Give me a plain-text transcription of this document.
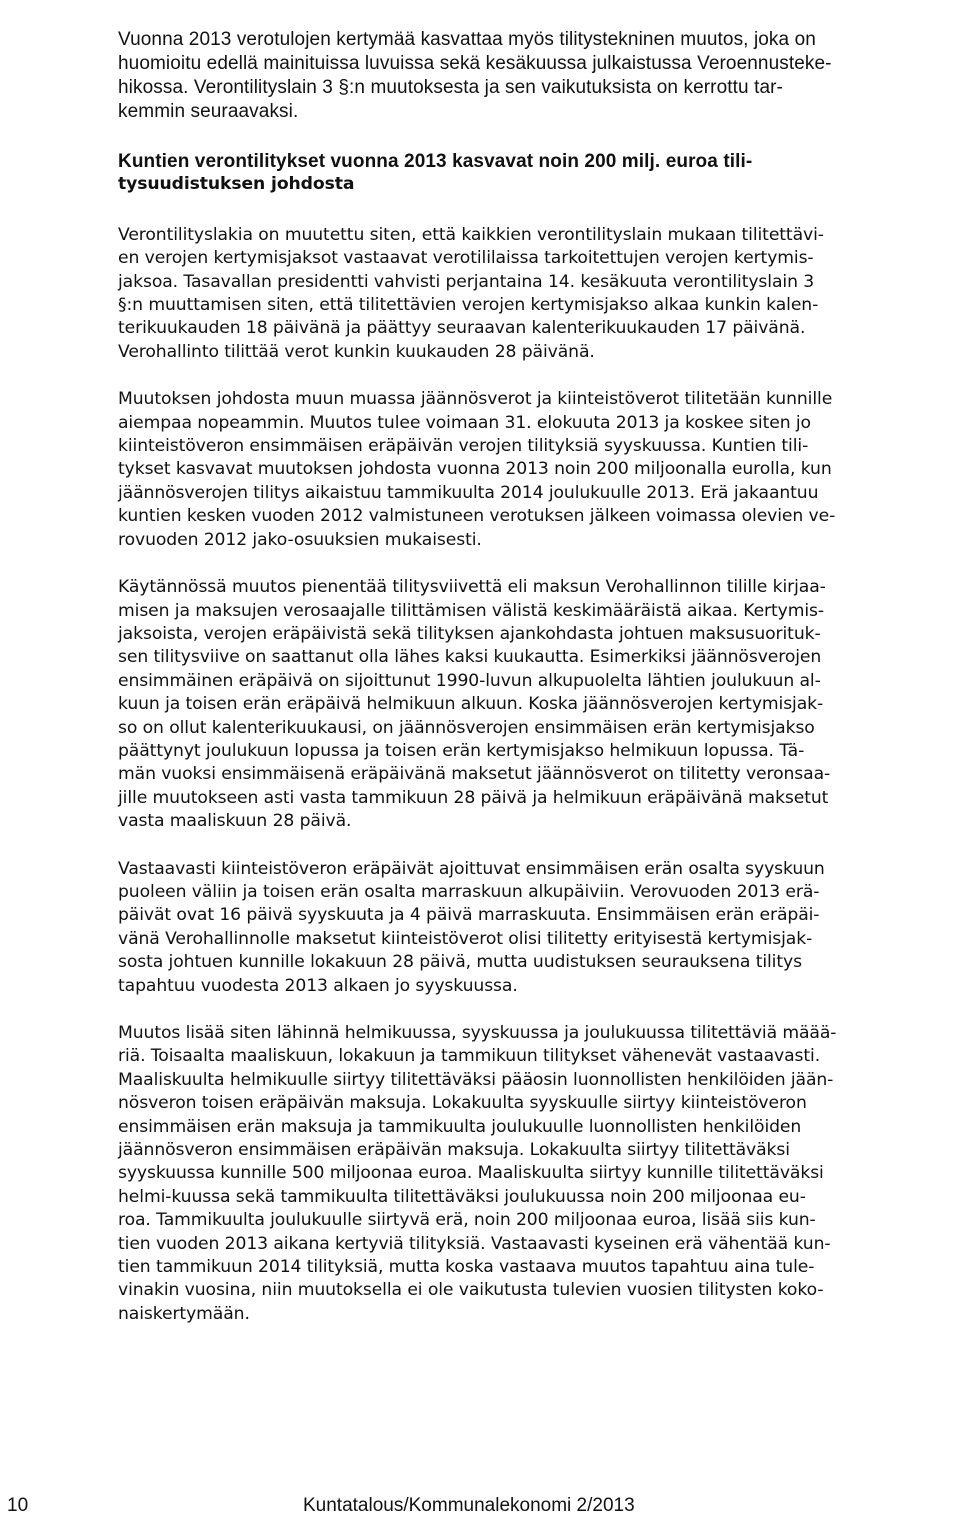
Vuonna 2013 verotulojen kertymää kasvattaa myös tilitystekninen muutos, joka on
huomioitu edellä mainituissa luvuissa sekä kesäkuussa julkaistussa Veroennusteke-
hikossa. Verontilityslain 3 §:n muutoksesta ja sen vaikutuksista on kerrottu tar-
kemmin seuraavaksi.

Kuntien verontilitykset vuonna 2013 kasvavat noin 200 milj. euroa tili-
tysuudistuksen johdosta

Verontilityslakia on muutettu siten, että kaikkien verontilityslain mukaan tilitettävi-
en verojen kertymisjaksot vastaavat verotililaissa tarkoitettujen verojen kertymis-
jaksoa. Tasavallan presidentti vahvisti perjantaina 14. kesäkuuta verontilityslain 3
§:n muuttamisen siten, että tilitettävien verojen kertymisjakso alkaa kunkin kalen-
terikuukauden 18 päivänä ja päättyy seuraavan kalenterikuukauden 17 päivänä.
Verohallinto tilittää verot kunkin kuukauden 28 päivänä.

Muutoksen johdosta muun muassa jäännösverot ja kiinteistöverot tilitetään kunnille
aiempaa nopeammin. Muutos tulee voimaan 31. elokuuta 2013 ja koskee siten jo
kiinteistöveron ensimmäisen eräpäivän verojen tilityksiä syyskuussa. Kuntien tili-
tykset kasvavat muutoksen johdosta vuonna 2013 noin 200 miljoonalla eurolla, kun
jäännösverojen tilitys aikaistuu tammikuulta 2014 joulukuulle 2013. Erä jakaantuu
kuntien kesken vuoden 2012 valmistuneen verotuksen jälkeen voimassa olevien ve-
rovuoden 2012 jako-osuuksien mukaisesti.

Käytännössä muutos pienentää tilitysviivettä eli maksun Verohallinnon tilille kirjaa-
misen ja maksujen verosaajalle tilittämisen välistä keskimääräistä aikaa. Kertymis-
jaksoista, verojen eräpäivistä sekä tilityksen ajankohdasta johtuen maksusuorituk-
sen tilitysviive on saattanut olla lähes kaksi kuukautta. Esimerkiksi jäännösverojen
ensimmäinen eräpäivä on sijoittunut 1990-luvun alkupuolelta lähtien joulukuun al-
kuun ja toisen erän eräpäivä helmikuun alkuun. Koska jäännösverojen kertymisjak-
so on ollut kalenterikuukausi, on jäännösverojen ensimmäisen erän kertymisjakso
päättynyt joulukuun lopussa ja toisen erän kertymisjakso helmikuun lopussa. Tä-
män vuoksi ensimmäisenä eräpäivänä maksetut jäännösverot on tilitetty veronsaa-
jille muutokseen asti vasta tammikuun 28 päivä ja helmikuun eräpäivänä maksetut
vasta maaliskuun 28 päivä.

Vastaavasti kiinteistöveron eräpäivät ajoittuvat ensimmäisen erän osalta syyskuun
puoleen väliin ja toisen erän osalta marraskuun alkupäiviin. Verovuoden 2013 erä-
päivät ovat 16 päivä syyskuuta ja 4 päivä marraskuuta. Ensimmäisen erän eräpäi-
vänä Verohallinnolle maksetut kiinteistöverot olisi tilitetty erityisestä kertymisjak-
sosta johtuen kunnille lokakuun 28 päivä, mutta uudistuksen seurauksena tilitys
tapahtuu vuodesta 2013 alkaen jo syyskuussa.

Muutos lisää siten lähinnä helmikuussa, syyskuussa ja joulukuussa tilitettäviä määä-
riä. Toisaalta maaliskuun, lokakuun ja tammikuun tilitykset vähenevät vastaavasti.
Maaliskuulta helmikuulle siirtyy tilitettäväksi pääosin luonnollisten henkilöiden jään-
nösveron toisen eräpäivän maksuja. Lokakuulta syyskuulle siirtyy kiinteistöveron
ensimmäisen erän maksuja ja tammikuulta joulukuulle luonnollisten henkilöiden
jäännösveron ensimmäisen eräpäivän maksuja. Lokakuulta siirtyy tilitettäväksi
syyskuussa kunnille 500 miljoonaa euroa. Maaliskuulta siirtyy kunnille tilitettäväksi
helmi-kuussa sekä tammikuulta tilitettäväksi joulukuussa noin 200 miljoonaa eu-
roa. Tammikuulta joulukuulle siirtyvä erä, noin 200 miljoonaa euroa, lisää siis kun-
tien vuoden 2013 aikana kertyviä tilityksiä. Vastaavasti kyseinen erä vähentää kun-
tien tammikuun 2014 tilityksiä, mutta koska vastaava muutos tapahtuu aina tule-
vinakin vuosina, niin muutoksella ei ole vaikutusta tulevien vuosien tilitysten koko-
naiskertymään.

10	Kuntatalous/Kommunalekonomi 2/2013
